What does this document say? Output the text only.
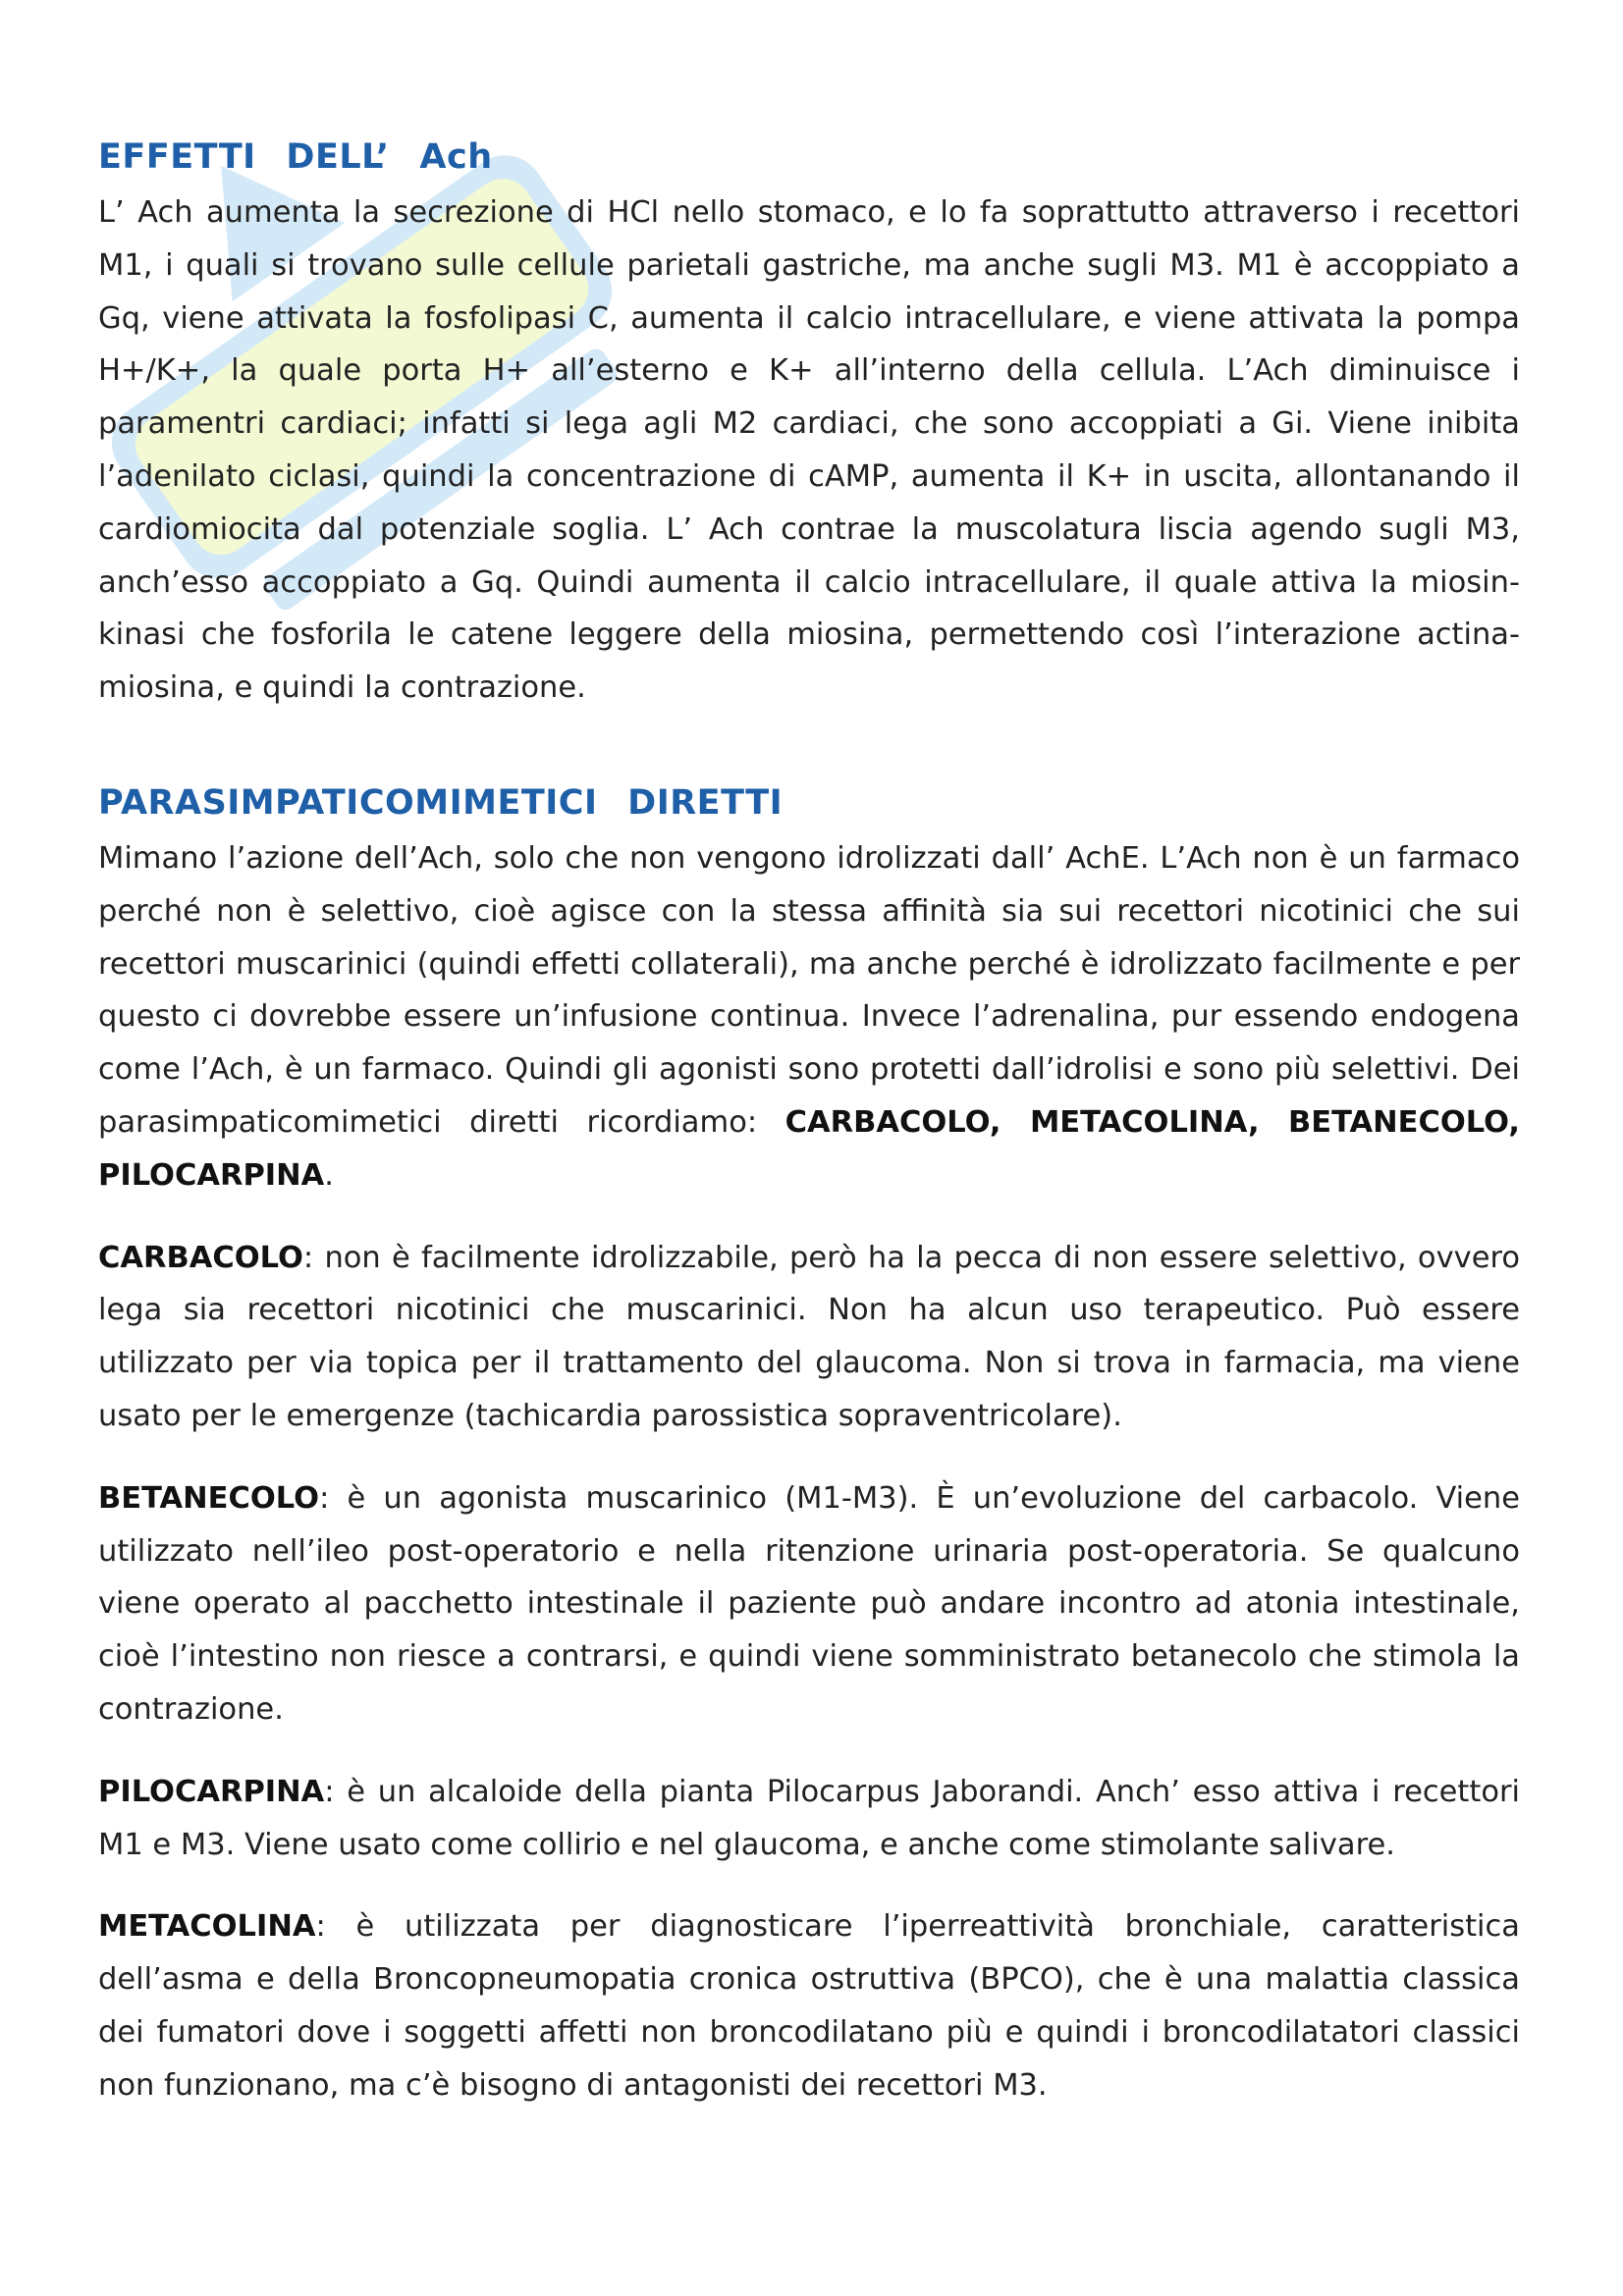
EFFETTI DELL’ Ach

L’ Ach aumenta la secrezione di HCl nello stomaco, e lo fa soprattutto attraverso i recettori M1, i quali si trovano sulle cellule parietali gastriche, ma anche sugli M3. M1 è accoppiato a Gq, viene attivata la fosfolipasi C, aumenta il calcio intracellulare, e viene attivata la pompa H+/K+, la quale porta H+ all’esterno e K+ all’interno della cellula. L’Ach diminuisce i paramentri cardiaci; infatti si lega agli M2 cardiaci, che sono accoppiati a Gi. Viene inibita l’adenilato ciclasi, quindi la concentrazione di cAMP, aumenta il K+ in uscita, allontanando il cardiomiocita dal potenziale soglia. L’ Ach contrae la muscolatura liscia agendo sugli M3, anch’esso accoppiato a Gq. Quindi aumenta il calcio intracellulare, il quale attiva la miosin-kinasi che fosforila le catene leggere della miosina, permettendo così l’interazione actina-miosina, e quindi la contrazione.

PARASIMPATICOMIMETICI DIRETTI

Mimano l’azione dell’Ach, solo che non vengono idrolizzati dall’ AchE. L’Ach non è un farmaco perché non è selettivo, cioè agisce con la stessa affinità sia sui recettori nicotinici che sui recettori muscarinici (quindi effetti collaterali), ma anche perché è idrolizzato facilmente e per questo ci dovrebbe essere un’infusione continua. Invece l’adrenalina, pur essendo endogena come l’Ach, è un farmaco. Quindi gli agonisti sono protetti dall’idrolisi e sono più selettivi. Dei parasimpaticomimetici diretti ricordiamo: CARBACOLO, METACOLINA, BETANECOLO, PILOCARPINA.

CARBACOLO: non è facilmente idrolizzabile, però ha la pecca di non essere selettivo, ovvero lega sia recettori nicotinici che muscarinici. Non ha alcun uso terapeutico. Può essere utilizzato per via topica per il trattamento del glaucoma. Non si trova in farmacia, ma viene usato per le emergenze (tachicardia parossistica sopraventricolare).

BETANECOLO: è un agonista muscarinico (M1-M3). È un’evoluzione del carbacolo. Viene utilizzato nell’ileo post-operatorio e nella ritenzione urinaria post-operatoria. Se qualcuno viene operato al pacchetto intestinale il paziente può andare incontro ad atonia intestinale, cioè l’intestino non riesce a contrarsi, e quindi viene somministrato betanecolo che stimola la contrazione.

PILOCARPINA: è un alcaloide della pianta Pilocarpus Jaborandi. Anch’ esso attiva i recettori M1 e M3. Viene usato come collirio e nel glaucoma, e anche come stimolante salivare.

METACOLINA: è utilizzata per diagnosticare l’iperreattività bronchiale, caratteristica dell’asma e della Broncopneumopatia cronica ostruttiva (BPCO), che è una malattia classica dei fumatori dove i soggetti affetti non broncodilatano più e quindi i broncodilatatori classici non funzionano, ma c’è bisogno di antagonisti dei recettori M3.
